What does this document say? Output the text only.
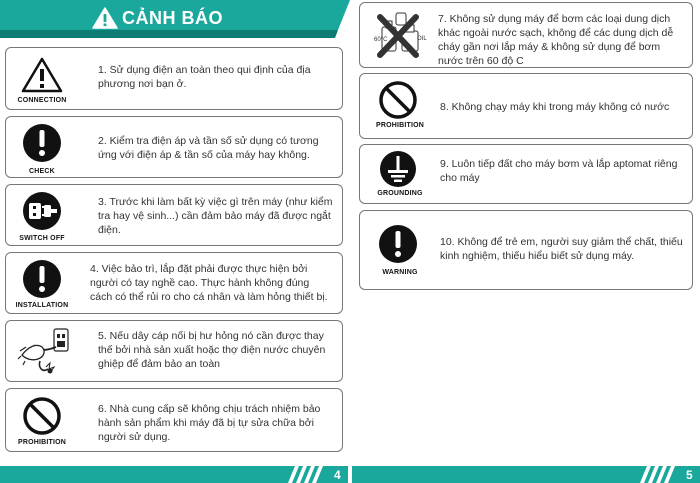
CẢNH BÁO
CONNECTION
1. Sử dụng điện an toàn theo qui định của địa phương nơi bạn ở.
CHECK
2. Kiểm tra điện áp và tần số sử dụng có tương ứng với điện áp & tần số của máy hay không.
SWITCH OFF
3. Trước khi làm bất kỳ việc gì trên máy (như kiểm tra hay vệ sinh...) cần đảm bảo máy đã được ngắt điện.
INSTALLATION
4. Việc bảo trì, lắp đặt phải được thực hiện bởi người có tay nghề cao. Thực hành không đúng cách có thể rủi ro cho cá nhân và làm hỏng thiết bị.
5. Nếu dây cáp nối bị hư hỏng nó cần được thay thế bởi nhà sản xuất hoặc thợ điện nước chuyên ghiệp để đảm bảo an toàn
PROHIBITION
6. Nhà cung cấp sẽ không chịu trách nhiệm bảo hành sản phẩm khi máy đã bị tự sửa chữa bởi người sử dụng.
60°C	OIL
7. Không sử dụng máy để bơm các loại dung dịch khác ngoài nước sạch, không để các dung dịch dễ cháy gần nơi lắp máy & không sử dụng để bơm nước trên 60 độ C
PROHIBITION
8. Không chạy máy khi trong máy không có nước
GROUNDING
9. Luôn tiếp đất cho máy bơm và lắp aptomat riêng cho máy
WARNING
10. Không để trẻ em, người suy giảm thể chất, thiếu kinh nghiệm, thiếu hiểu biết sử dụng máy.
4	5
